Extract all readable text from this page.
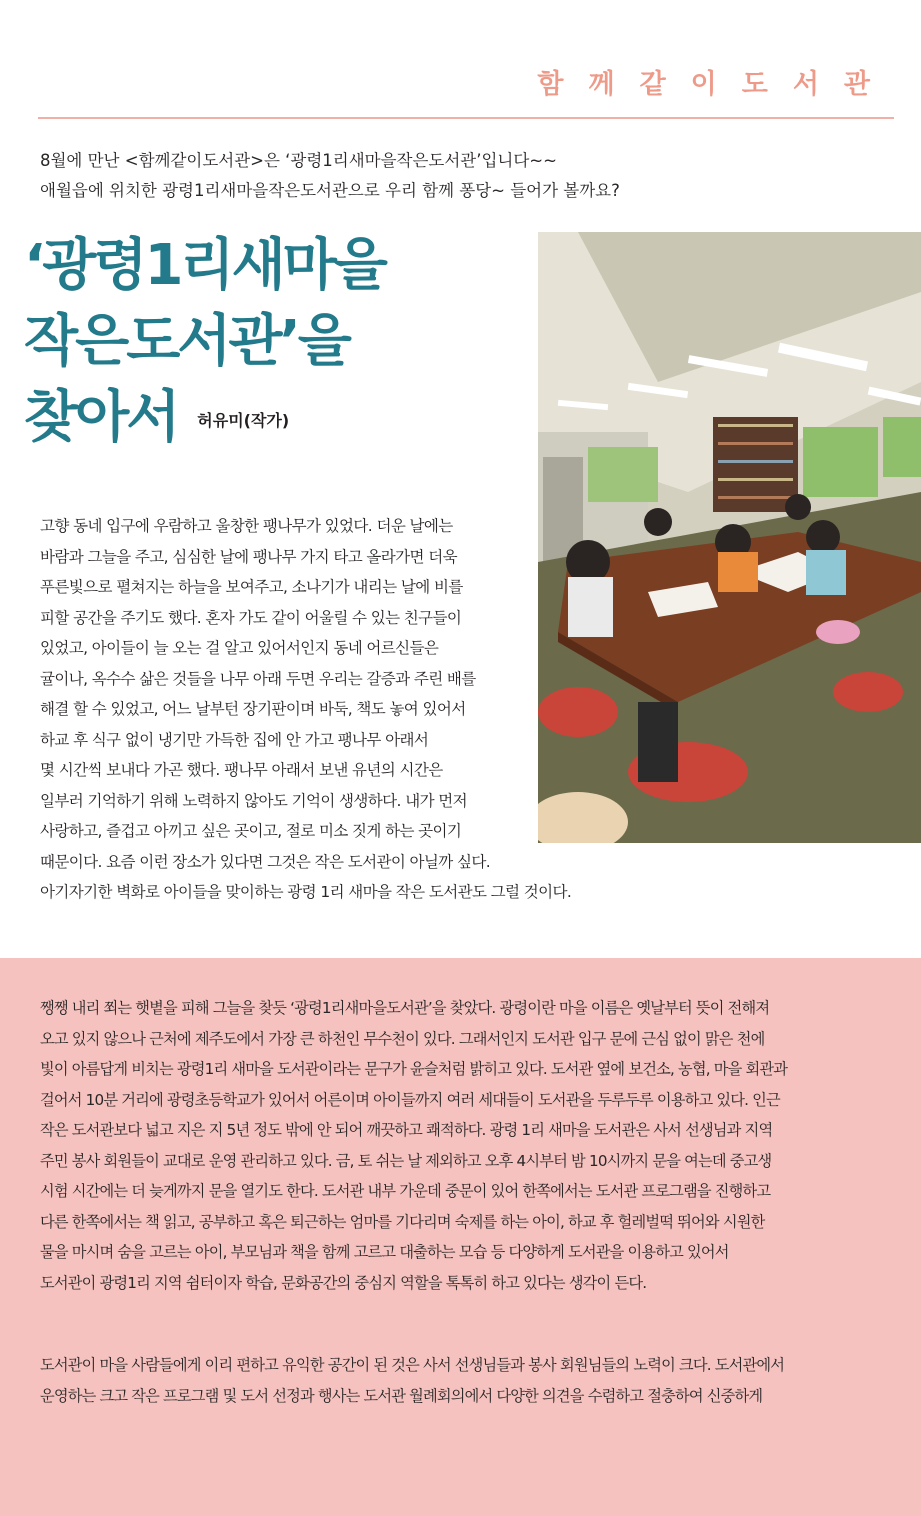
함께같이도서관
8월에 만난 <함께같이도서관>은 ‘광령1리새마을작은도서관’입니다~~
애월읍에 위치한 광령1리새마을작은도서관으로 우리 함께 퐁당~ 들어가 볼까요?
‘광령1리새마을
작은도서관’을
찾아서 허유미(작가)
고향 동네 입구에 우람하고 울창한 팽나무가 있었다. 더운 날에는
바람과 그늘을 주고, 심심한 날에 팽나무 가지 타고 올라가면 더욱
푸른빛으로 펼쳐지는 하늘을 보여주고, 소나기가 내리는 날에 비를
피할 공간을 주기도 했다. 혼자 가도 같이 어울릴 수 있는 친구들이
있었고, 아이들이 늘 오는 걸 알고 있어서인지 동네 어르신들은
귤이나, 옥수수 삶은 것들을 나무 아래 두면 우리는 갈증과 주린 배를
해결 할 수 있었고, 어느 날부턴 장기판이며 바둑, 책도 놓여 있어서
하교 후 식구 없이 냉기만 가득한 집에 안 가고 팽나무 아래서
몇 시간씩 보내다 가곤 했다. 팽나무 아래서 보낸 유년의 시간은
일부러 기억하기 위해 노력하지 않아도 기억이 생생하다. 내가 먼저
사랑하고, 즐겁고 아끼고 싶은 곳이고, 절로 미소 짓게 하는 곳이기
때문이다. 요즘 이런 장소가 있다면 그것은 작은 도서관이 아닐까 싶다.
아기자기한 벽화로 아이들을 맞이하는 광령 1리 새마을 작은 도서관도 그럴 것이다.
쨍쨍 내리 쬐는 햇볕을 피해 그늘을 찾듯 ‘광령1리새마을도서관’을 찾았다. 광령이란 마을 이름은 옛날부터 뜻이 전해져
오고 있지 않으나 근처에 제주도에서 가장 큰 하천인 무수천이 있다. 그래서인지 도서관 입구 문에 근심 없이 맑은 천에
빛이 아름답게 비치는 광령1리 새마을 도서관이라는 문구가 윤슬처럼 밝히고 있다. 도서관 옆에 보건소, 농협, 마을 회관과
걸어서 10분 거리에 광령초등학교가 있어서 어른이며 아이들까지 여러 세대들이 도서관을 두루두루 이용하고 있다. 인근
작은 도서관보다 넓고 지은 지 5년 정도 밖에 안 되어 깨끗하고 쾌적하다. 광령 1리 새마을 도서관은 사서 선생님과 지역
주민 봉사 회원들이 교대로 운영 관리하고 있다. 금, 토 쉬는 날 제외하고 오후 4시부터 밤 10시까지 문을 여는데 중고생
시험 시간에는 더 늦게까지 문을 열기도 한다. 도서관 내부 가운데 중문이 있어 한쪽에서는 도서관 프로그램을 진행하고
다른 한쪽에서는 책 읽고, 공부하고 혹은 퇴근하는 엄마를 기다리며 숙제를 하는 아이, 하교 후 헐레벌떡 뛰어와 시원한
물을 마시며 숨을 고르는 아이, 부모님과 책을 함께 고르고 대출하는 모습 등 다양하게 도서관을 이용하고 있어서
도서관이 광령1리 지역 쉼터이자 학습, 문화공간의 중심지 역할을 톡톡히 하고 있다는 생각이 든다.
도서관이 마을 사람들에게 이리 편하고 유익한 공간이 된 것은 사서 선생님들과 봉사 회원님들의 노력이 크다. 도서관에서
운영하는 크고 작은 프로그램 및 도서 선정과 행사는 도서관 월례회의에서 다양한 의견을 수렴하고 절충하여 신중하게
